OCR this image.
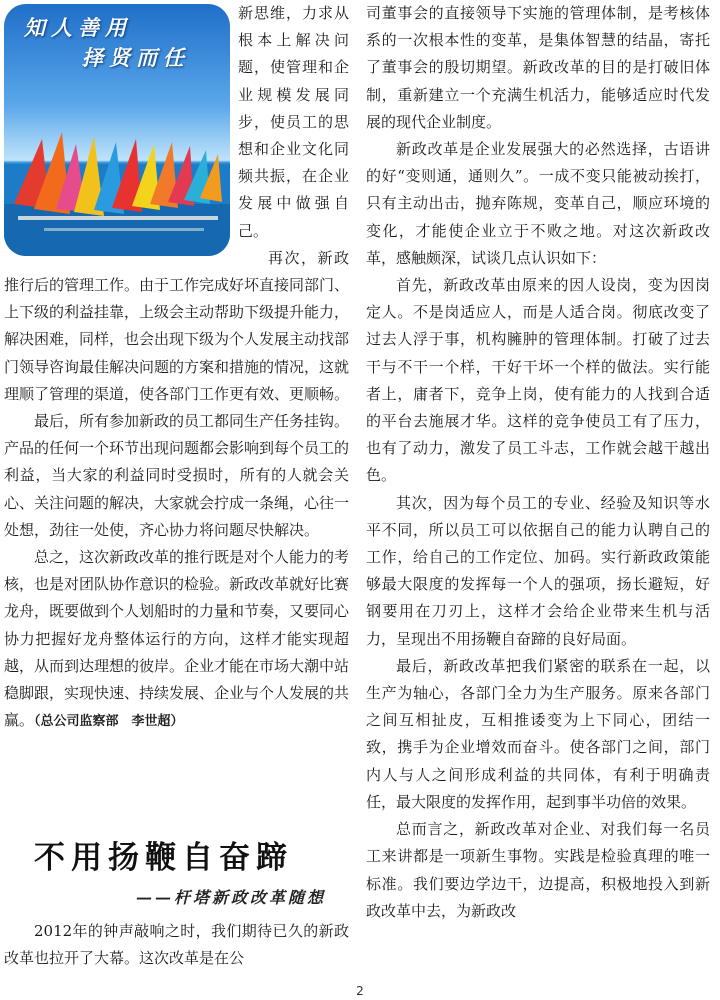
知人善用
择贤而任

新思维，力求从根本上解决问题，使管理和企业规模发展同步，使员工的思想和企业文化同频共振，在企业发展中做强自己。

再次，新政推行后的管理工作。由于工作完成好坏直接同部门、上下级的利益挂靠，上级会主动帮助下级提升能力，解决困难，同样，也会出现下级为个人发展主动找部门领导咨询最佳解决问题的方案和措施的情况，这就理顺了管理的渠道，使各部门工作更有效、更顺畅。

最后，所有参加新政的员工都同生产任务挂钩。产品的任何一个环节出现问题都会影响到每个员工的利益，当大家的利益同时受损时，所有的人就会关心、关注问题的解决，大家就会拧成一条绳，心往一处想，劲往一处使，齐心协力将问题尽快解决。

总之，这次新政改革的推行既是对个人能力的考核，也是对团队协作意识的检验。新政改革就好比赛龙舟，既要做到个人划船时的力量和节奏，又要同心协力把握好龙舟整体运行的方向，这样才能实现超越，从而到达理想的彼岸。企业才能在市场大潮中站稳脚跟，实现快速、持续发展、企业与个人发展的共赢。（总公司监察部　李世超）

不用扬鞭自奋蹄
——杆塔新政改革随想

2012年的钟声敲响之时，我们期待已久的新政改革也拉开了大幕。这次改革是在公

司董事会的直接领导下实施的管理体制，是考核体系的一次根本性的变革，是集体智慧的结晶，寄托了董事会的殷切期望。新政改革的目的是打破旧体制，重新建立一个充满生机活力，能够适应时代发展的现代企业制度。

新政改革是企业发展强大的必然选择，古语讲的好“变则通，通则久”。一成不变只能被动挨打，只有主动出击，抛弃陈规，变革自己，顺应环境的变化，才能使企业立于不败之地。对这次新政改革，感触颇深，试谈几点认识如下：

首先，新政改革由原来的因人设岗，变为因岗定人。不是岗适应人，而是人适合岗。彻底改变了过去人浮于事，机构臃肿的管理体制。打破了过去干与不干一个样，干好干坏一个样的做法。实行能者上，庸者下，竞争上岗，使有能力的人找到合适的平台去施展才华。这样的竞争使员工有了压力，也有了动力，激发了员工斗志，工作就会越干越出色。

其次，因为每个员工的专业、经验及知识等水平不同，所以员工可以依据自己的能力认聘自己的工作，给自己的工作定位、加码。实行新政政策能够最大限度的发挥每一个人的强项，扬长避短，好钢要用在刀刃上，这样才会给企业带来生机与活力，呈现出不用扬鞭自奋蹄的良好局面。

最后，新政改革把我们紧密的联系在一起，以生产为轴心，各部门全力为生产服务。原来各部门之间互相扯皮，互相推诿变为上下同心，团结一致，携手为企业增效而奋斗。使各部门之间，部门内人与人之间形成利益的共同体，有利于明确责任，最大限度的发挥作用，起到事半功倍的效果。

总而言之，新政改革对企业、对我们每一名员工来讲都是一项新生事物。实践是检验真理的唯一标准。我们要边学边干，边提高，积极地投入到新政改革中去，为新政改

2
